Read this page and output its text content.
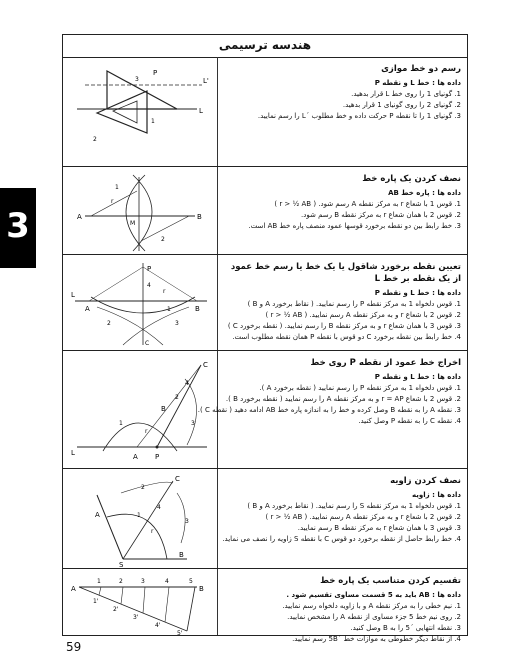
3
هندسه ترسیمی
P
L
L'
3
2
1
رسم دو خط موازی
داده ها : خط L و نقطه P
1. گونیای 1 را روی خط L قرار بدهید.
2. گونیای 2 را روی گونیای 1 قرار بدهید.
3. گونیای 1 را تا نقطه P حرکت داده و خط مطلوب ´L را رسم نمایید.
A	B
M
1
2
r
نصف کردن یک پاره خط
داده ها : پاره خط AB
1. قوس 1 با شعاع r به مرکز نقطه A رسم شود. ( r > ½ AB )
2. قوس 2 با همان شعاع r به مرکز نقطه B رسم شود.
3. خط رابط بین دو نقطه برخورد قوسها عمود منصف پاره خط AB است.
P
L
A	B
C
1
2	3
4
r
تعیین نقطه برخورد شاقول یا یک خط یا رسم خط عمود از یک نقطه بر خط L
داده ها : خط L و نقطه P
1. قوس دلخواه 1 به مرکز نقطه P را رسم نمایید. ( نقاط برخورد A و B )
2. قوس 2 با شعاع r و به مرکز نقطه A رسم نمایید. ( r > ½ AB )
3. قوس 3 با همان شعاع r و به مرکز نقطه B را رسم نمایید. ( نقطه برخورد C )
4. خط رابط بین نقطه برخورد C دو قوس با نقطه P همان نقطه مطلوب است.
L	P
A
B
C
1
2
3
4
r
اخراج خط عمود از نقطه P روی خط
داده ها : خط L و نقطه P
1. قوس دلخواه 1 به مرکز نقطه P را رسم نمایید ( نقطه برخورد A ).
2. قوس 2 با شعاع r = AP و به مرکز نقطه A را رسم نمایید ( نقطه برخورد B ).
3. نقطه A را به نقطه B وصل کرده و خط را به اندازه پاره خط AB ادامه دهید ( نقطه C ).
4. نقطه C را به نقطه P وصل کنید.
S
A
B
C
1
2
3
4
r
نصف کردن زاویه
داده ها : زاویه
1. قوس دلخواه 1 به مرکز نقطه S را رسم نمایید. ( نقاط برخورد A و B )
2. قوس 2 با شعاع r و به مرکز نقطه A رسم نمایید. ( r > ½ AB )
3. قوس 3 با همان شعاع r به مرکز نقطه B رسم نمایید.
4. خط رابط حاصل از نقطه برخورد دو قوس C با نقطه S زاویه را نصف می نماید.
A	B
1	2	3	4	5
1'
2'
3'
4'
5'
تقسیم کردن متناسب یک پاره خط
داده ها : AB باید به 5 قسمت مساوی تقسیم شود .
1. نیم خطی را به مرکز نقطه A و با زاویه دلخواه رسم نمایید.
2. روی نیم خط 5 جزء مساوی از نقطه A را مشخص نمایید.
3. نقطه انتهایی ´5 را به B وصل کنید.
4. از نقاط دیگر خطوطی به موازات خط ´5B رسم نمایید.
59
